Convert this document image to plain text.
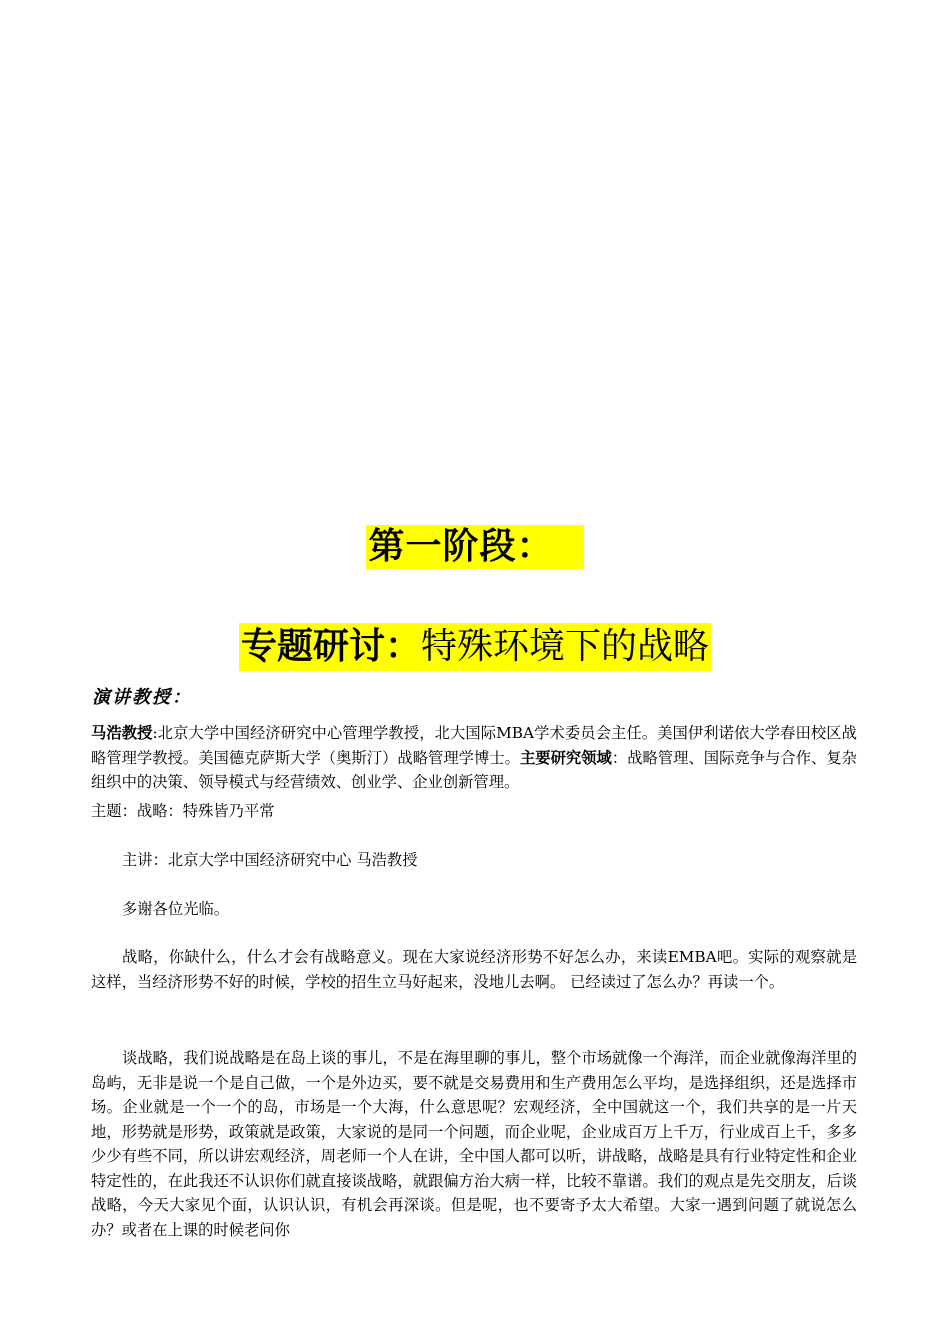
第一阶段：
专题研讨：特殊环境下的战略
演讲教授：
马浩教授:北京大学中国经济研究中心管理学教授，北大国际MBA学术委员会主任。美国伊利诺依大学春田校区战略管理学教授。美国德克萨斯大学（奥斯汀）战略管理学博士。主要研究领域：战略管理、国际竞争与合作、复杂组织中的决策、领导模式与经营绩效、创业学、企业创新管理。
主题：战略：特殊皆乃平常
主讲：北京大学中国经济研究中心 马浩教授
多谢各位光临。
战略，你缺什么，什么才会有战略意义。现在大家说经济形势不好怎么办，来读EMBA吧。实际的观察就是这样，当经济形势不好的时候，学校的招生立马好起来，没地儿去啊。 已经读过了怎么办？再读一个。
谈战略，我们说战略是在岛上谈的事儿，不是在海里聊的事儿，整个市场就像一个海洋，而企业就像海洋里的岛屿，无非是说一个是自己做，一个是外边买，要不就是交易费用和生产费用怎么平均，是选择组织，还是选择市场。企业就是一个一个的岛，市场是一个大海，什么意思呢？宏观经济，全中国就这一个，我们共享的是一片天地，形势就是形势，政策就是政策，大家说的是同一个问题，而企业呢，企业成百万上千万，行业成百上千，多多少少有些不同，所以讲宏观经济，周老师一个人在讲，全中国人都可以听，讲战略，战略是具有行业特定性和企业特定性的，在此我还不认识你们就直接谈战略，就跟偏方治大病一样，比较不靠谱。我们的观点是先交朋友，后谈战略，今天大家见个面，认识认识，有机会再深谈。但是呢，也不要寄予太大希望。大家一遇到问题了就说怎么办？或者在上课的时候老问你
